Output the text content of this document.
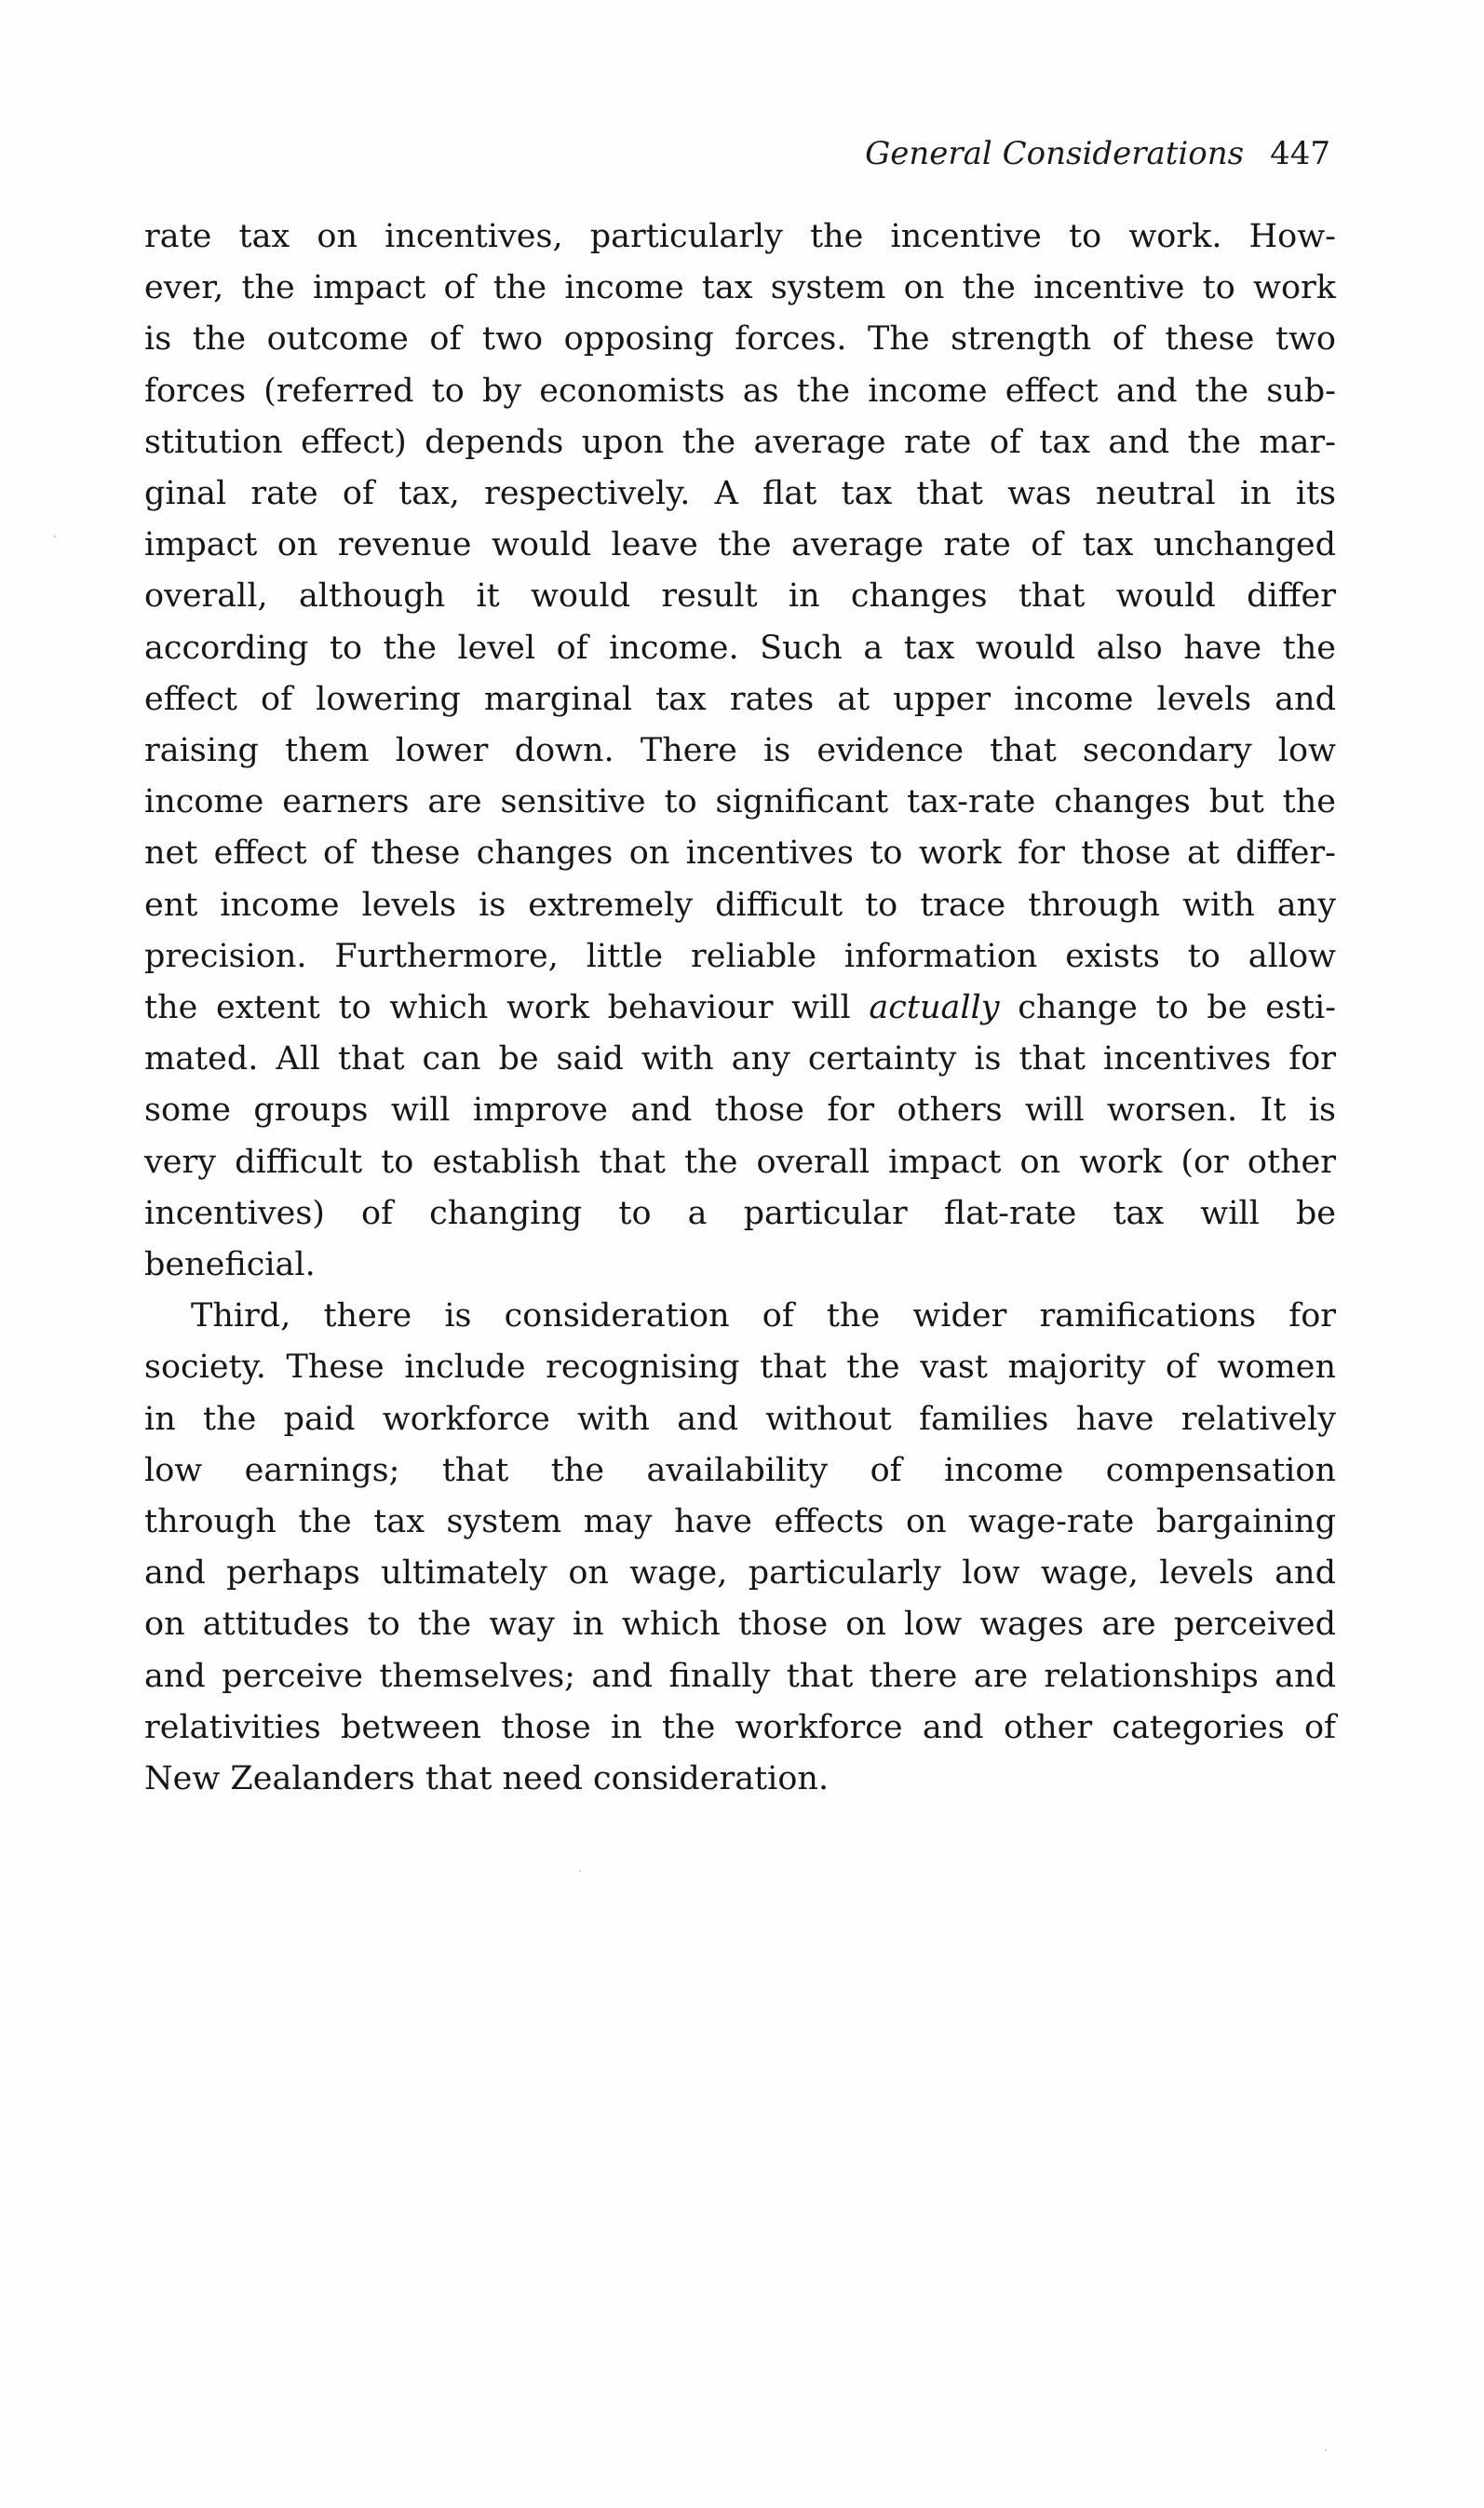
General Considerations 447
rate tax on incentives, particularly the incentive to work. How-
ever, the impact of the income tax system on the incentive to work
is the outcome of two opposing forces. The strength of these two
forces (referred to by economists as the income effect and the sub-
stitution effect) depends upon the average rate of tax and the mar-
ginal rate of tax, respectively. A flat tax that was neutral in its
impact on revenue would leave the average rate of tax unchanged
overall, although it would result in changes that would differ
according to the level of income. Such a tax would also have the
effect of lowering marginal tax rates at upper income levels and
raising them lower down. There is evidence that secondary low
income earners are sensitive to significant tax-rate changes but the
net effect of these changes on incentives to work for those at differ-
ent income levels is extremely difficult to trace through with any
precision. Furthermore, little reliable information exists to allow
the extent to which work behaviour will actually change to be esti-
mated. All that can be said with any certainty is that incentives for
some groups will improve and those for others will worsen. It is
very difficult to establish that the overall impact on work (or other
incentives) of changing to a particular flat-rate tax will be
beneficial.
Third, there is consideration of the wider ramifications for
society. These include recognising that the vast majority of women
in the paid workforce with and without families have relatively
low earnings; that the availability of income compensation
through the tax system may have effects on wage-rate bargaining
and perhaps ultimately on wage, particularly low wage, levels and
on attitudes to the way in which those on low wages are perceived
and perceive themselves; and finally that there are relationships and
relativities between those in the workforce and other categories of
New Zealanders that need consideration.
